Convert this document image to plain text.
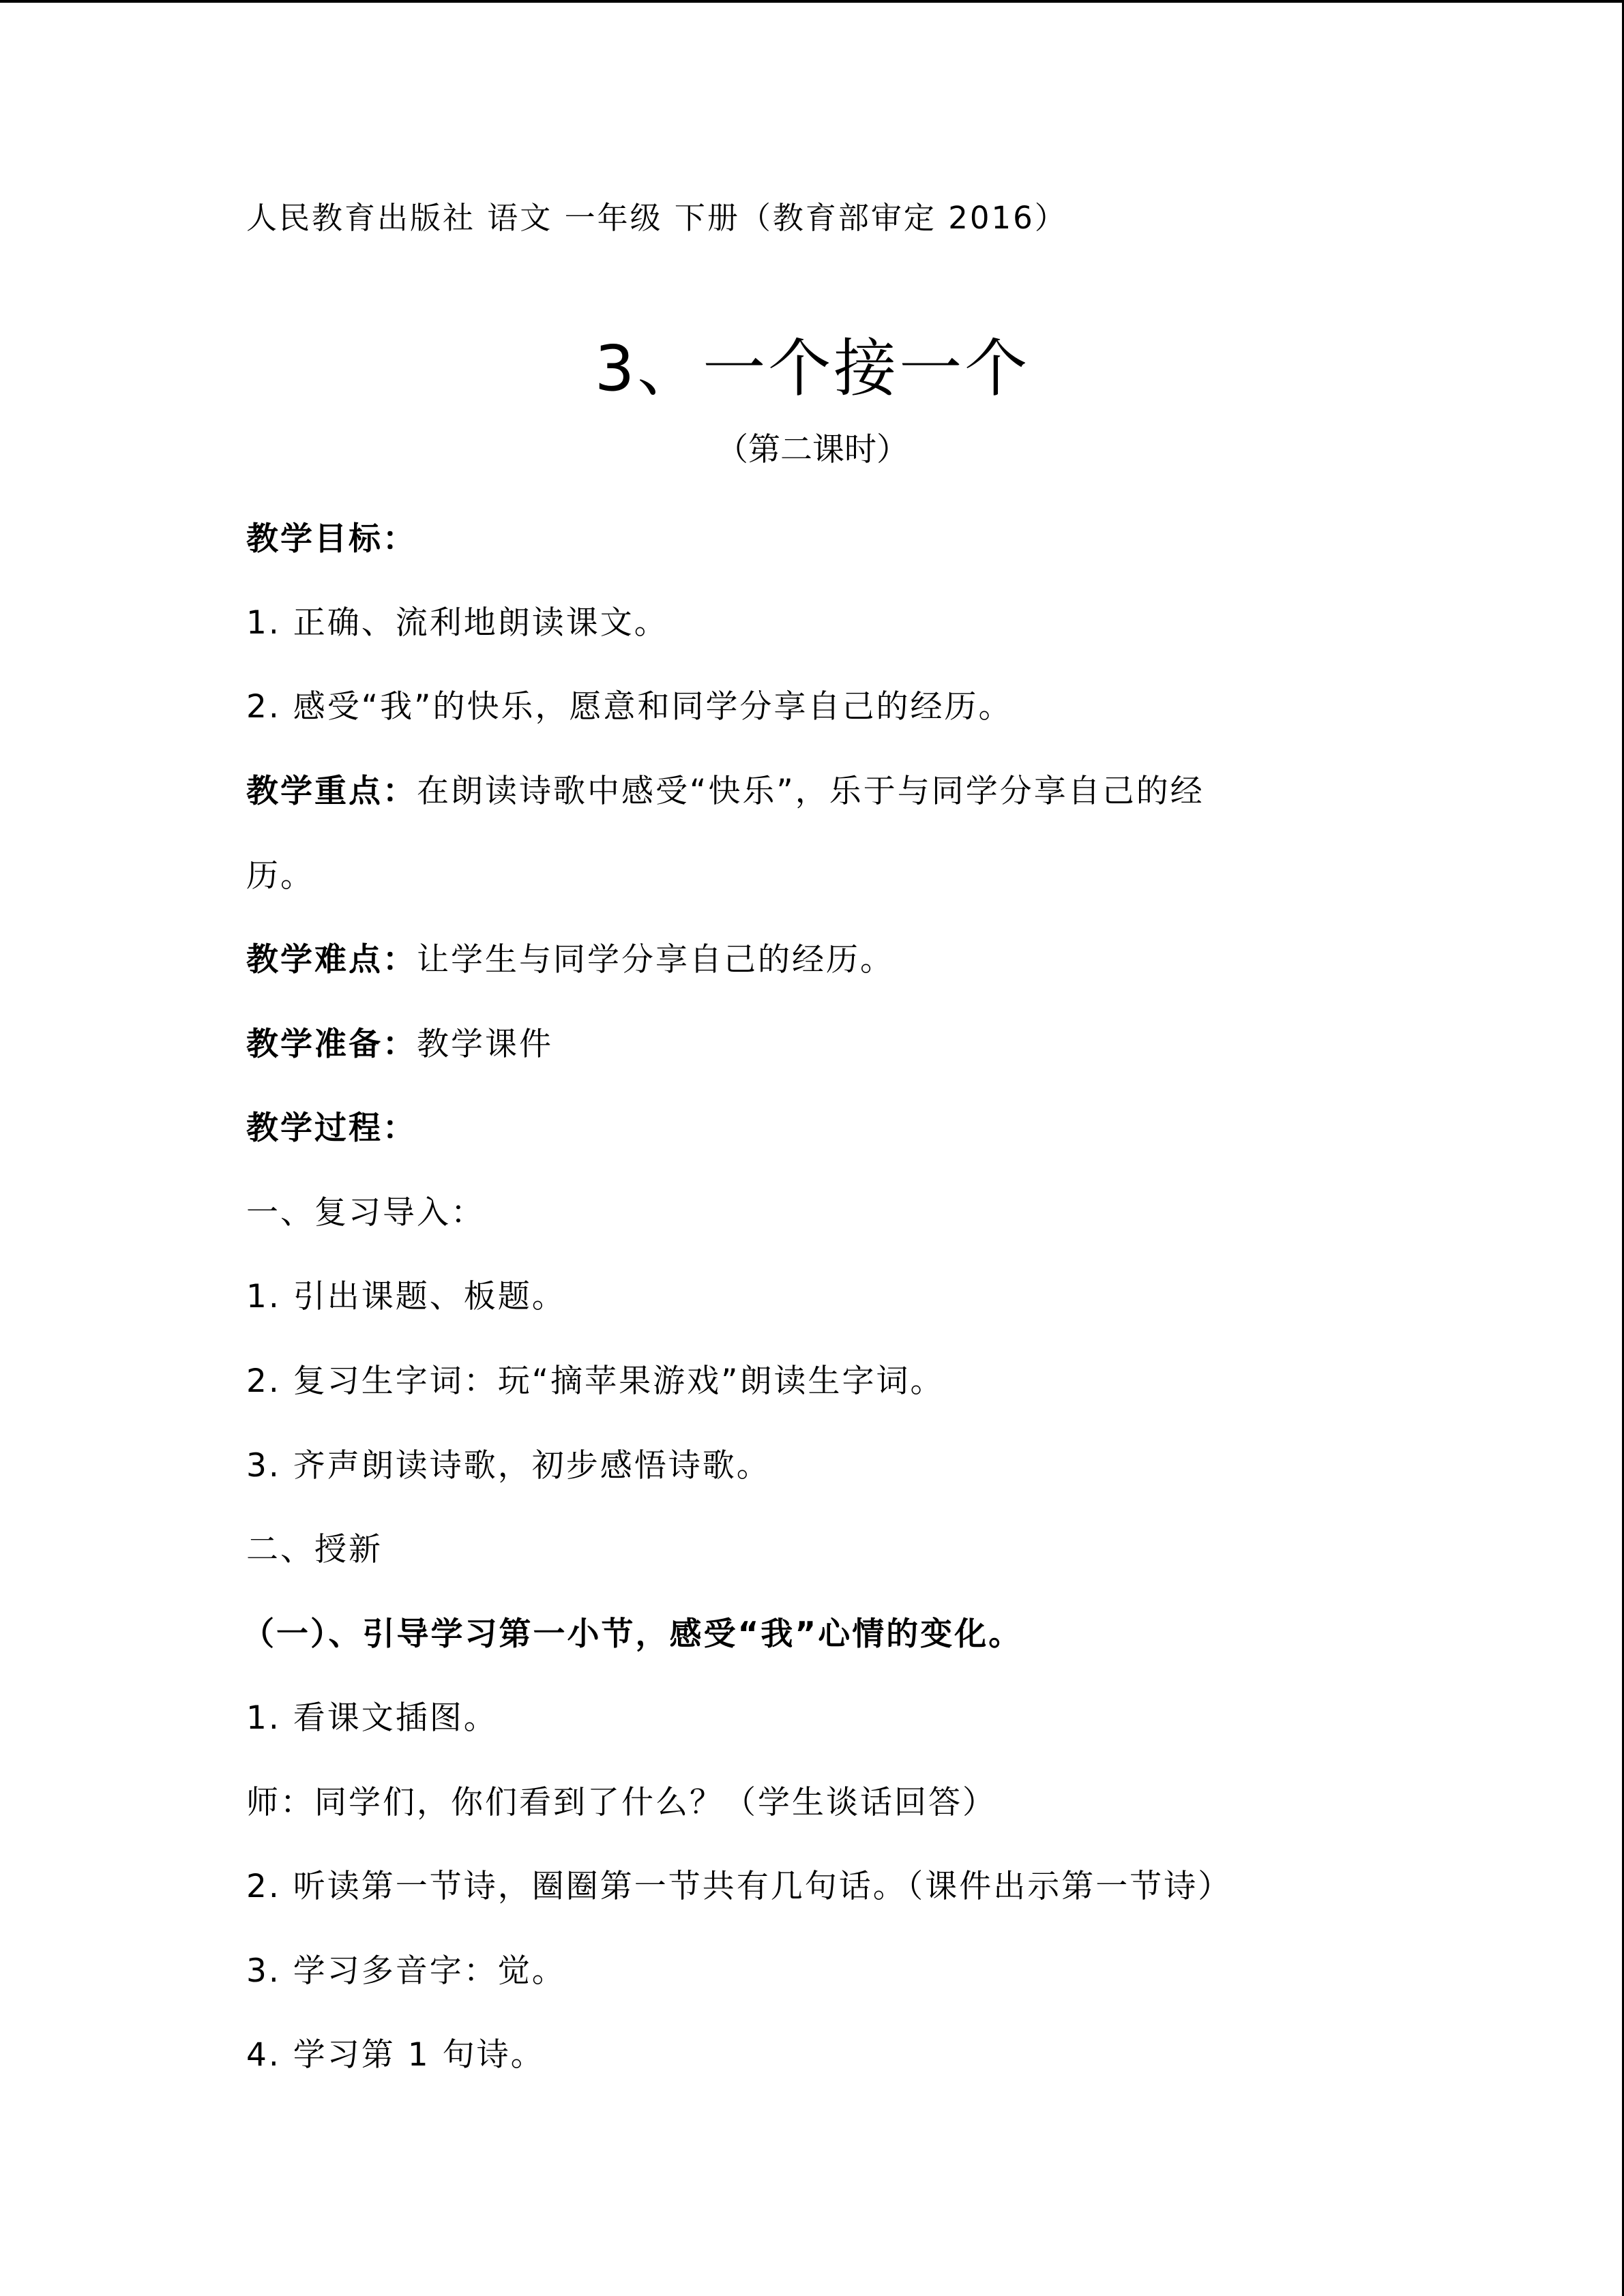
人民教育出版社 语文 一年级 下册（教育部审定 2016）
3、一个接一个
（第二课时）
教学目标：
1. 正确、流利地朗读课文。
2. 感受“我”的快乐，愿意和同学分享自己的经历。
教学重点：在朗读诗歌中感受“快乐”，乐于与同学分享自己的经
历。
教学难点：让学生与同学分享自己的经历。
教学准备：教学课件
教学过程：
一、复习导入：
1. 引出课题、板题。
2. 复习生字词：玩“摘苹果游戏”朗读生字词。
3. 齐声朗读诗歌，初步感悟诗歌。
二、授新
（一）、引导学习第一小节，感受“我”心情的变化。
1. 看课文插图。
师：同学们，你们看到了什么？（学生谈话回答）
2. 听读第一节诗，圈圈第一节共有几句话。（课件出示第一节诗）
3. 学习多音字：觉。
4. 学习第 1 句诗。
